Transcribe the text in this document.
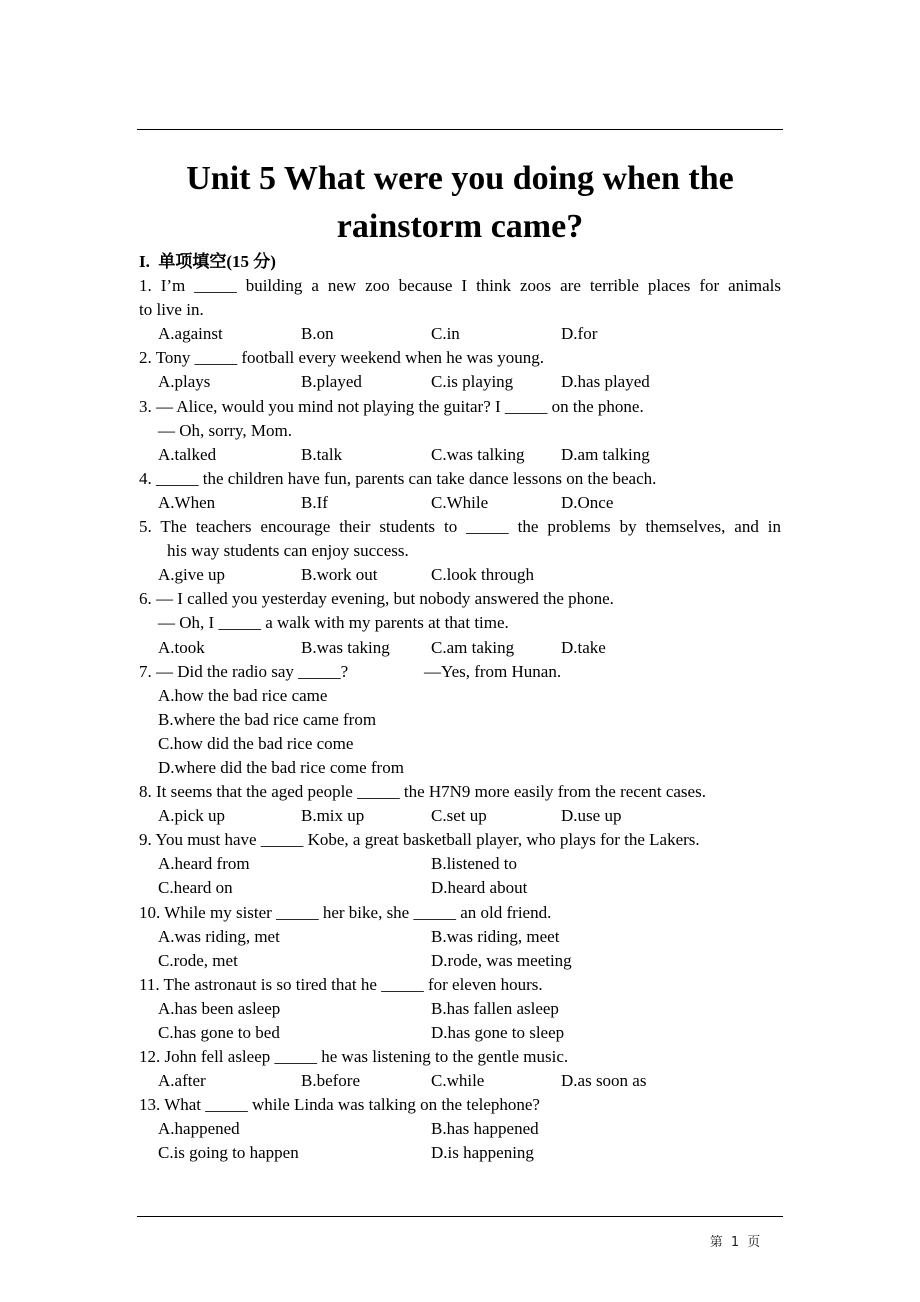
Unit 5 What were you doing when the
rainstorm came?
I.  单项填空(15 分)
1. I’m _____ building a new zoo because I think zoos are terrible places for animals
to live in.
A.against	B.on	C.in	D.for
2. Tony _____ football every weekend when he was young.
A.plays	B.played	C.is playing	D.has played
3. — Alice, would you mind not playing the guitar? I _____ on the phone.
— Oh, sorry, Mom.
A.talked	B.talk	C.was talking D.am talking
4. _____ the children have fun, parents can take dance lessons on the beach.
A.When	B.If	C.While	D.Once
5. The teachers encourage their students to _____ the problems by themselves, and in
his way students can enjoy success.
A.give up	B.work out	C.look through
6. — I called you yesterday evening, but nobody answered the phone.
— Oh, I _____ a walk with my parents at that time.
A.took	B.was taking C.am taking	D.take
7. — Did the radio say _____?	—Yes, from Hunan.
A.how the bad rice came
B.where the bad rice came from
C.how did the bad rice come
D.where did the bad rice come from
8. It seems that the aged people _____ the H7N9 more easily from the recent cases.
A.pick up	B.mix up	C.set up	D.use up
9. You must have _____ Kobe, a great basketball player, who plays for the Lakers.
A.heard from	B.listened to
C.heard on	D.heard about
10. While my sister _____ her bike, she _____ an old friend.
A.was riding, met	B.was riding, meet
C.rode, met	D.rode, was meeting
11. The astronaut is so tired that he _____ for eleven hours.
A.has been asleep	B.has fallen asleep
C.has gone to bed	D.has gone to sleep
12. John fell asleep _____ he was listening to the gentle music.
A.after	B.before	C.while	D.as soon as
13. What _____ while Linda was talking on the telephone?
A.happened	B.has happened
C.is going to happen	D.is happening
第 1 页
